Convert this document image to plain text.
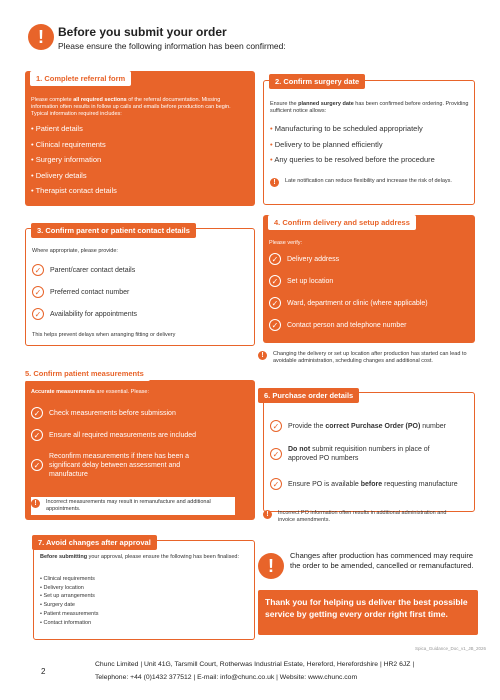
!	Before you submit your order
Please ensure the following information has been confirmed:
1. Complete referral form
Please complete all required sections of the referral documentation. Missing information often results in follow up calls and emails before production can begin. Typical information required includes:
• Patient details
• Clinical requirements
• Surgery information
• Delivery details
• Therapist contact details
2. Confirm surgery date
Ensure the planned surgery date has been confirmed before ordering. Providing sufficient notice allows:
• Manufacturing to be scheduled appropriately
• Delivery to be planned efficiently
• Any queries to be resolved before the procedure
!	Late notification can reduce flexibility and increase the risk of delays.
3. Confirm parent or patient contact details
Where appropriate, please provide:
✓	Parent/carer contact details
✓	Preferred contact number
✓	Availability for appointments
This helps prevent delays when arranging fitting or delivery
4. Confirm delivery and setup address
Please verify:
✓	Delivery address
✓	Set up location
✓	Ward, department or clinic (where applicable)
✓	Contact person and telephone number
!	Changing the delivery or set up location after production has started can lead to avoidable administration, scheduling changes and additional cost.
5. Confirm patient measurements
Accurate measurements are essential. Please:
✓	Check measurements before submission
✓	Ensure all required measurements are included
✓
Reconfirm measurements if there has been a significant delay between assessment and manufacture
!	Incorrect measurements may result in remanufacture and additional appointments.
6. Purchase order details
✓	Provide the correct Purchase Order (PO) number
✓	Do not submit requisition numbers in place of approved PO numbers
✓	Ensure PO is available before requesting manufacture
!	Incorrect PO information often results in additional administration and invoice amendments.
7. Avoid changes after approval
Before submitting your approval, please ensure the following has been finalised:
• Clinical requirements
• Delivery location
• Set up arrangements
• Surgery date
• Patient measurements
• Contact information
!
Changes after production has commenced may require the order to be amended, cancelled or remanufactured.
Thank you for helping us deliver the best possible service by getting every order right first time.
Spica_Guidance_Doc_v1_JB_2026
2
Chunc Limited | Unit 41G, Tarsmill Court, Rotherwas Industrial Estate, Hereford, Herefordshire | HR2 6JZ |
Telephone: +44 (0)1432 377512 | E-mail: info@chunc.co.uk | Website: www.chunc.com
